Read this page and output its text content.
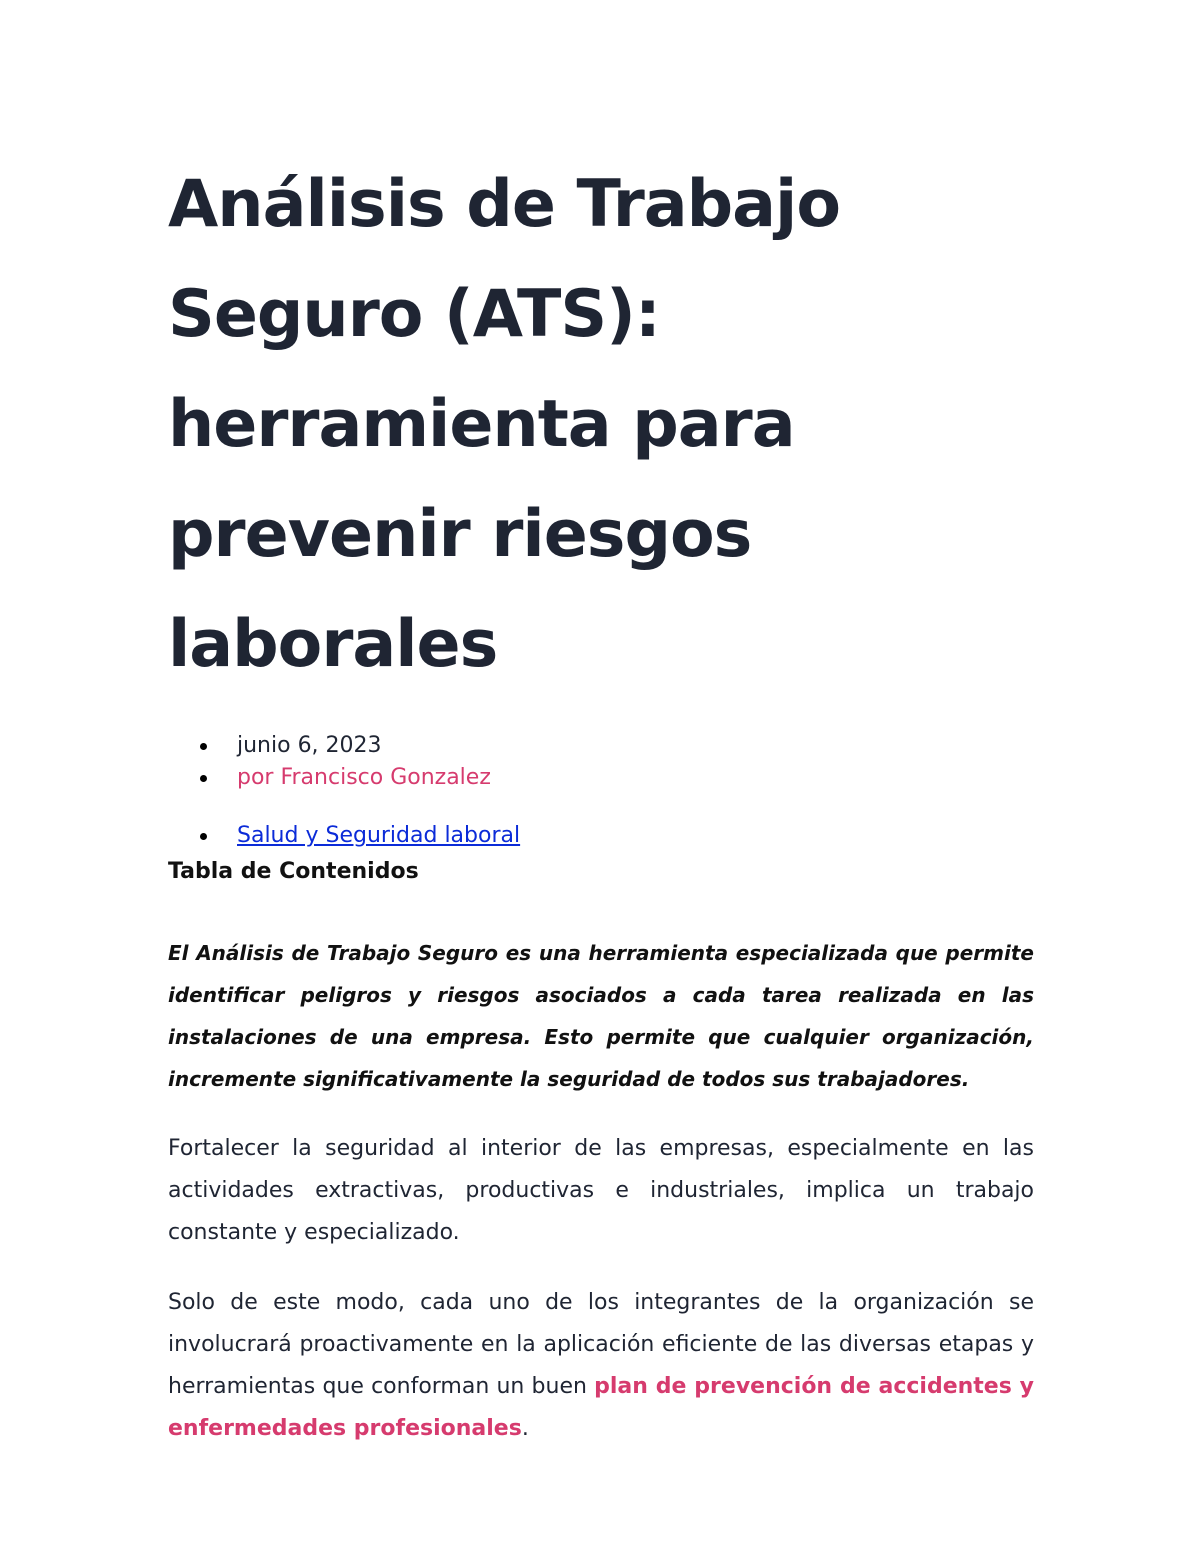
Análisis de Trabajo
Seguro (ATS):
herramienta para
prevenir riesgos
laborales
junio 6, 2023
por Francisco Gonzalez
Salud y Seguridad laboral
Tabla de Contenidos

El Análisis de Trabajo Seguro es una herramienta especializada que permite identificar peligros y riesgos asociados a cada tarea realizada en las instalaciones de una empresa. Esto permite que cualquier organización, incremente significativamente la seguridad de todos sus trabajadores.

Fortalecer la seguridad al interior de las empresas, especialmente en las actividades extractivas, productivas e industriales, implica un trabajo constante y especializado.

Solo de este modo, cada uno de los integrantes de la organización se involucrará proactivamente en la aplicación eficiente de las diversas etapas y herramientas que conforman un buen plan de prevención de accidentes y enfermedades profesionales.
